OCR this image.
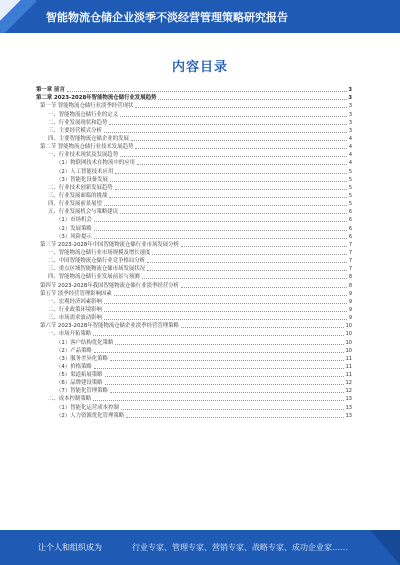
智能物流仓储企业淡季不淡经营管理策略研究报告
内容目录
第一章 前言	3
第二章 2023-2028年智能物流仓储行业发展趋势	3
第一节 智能物流仓储行业淡季经营现状	3
一、智能物流仓储行业的定义	3
二、行业发展现状和趋势	3
三、主要经营模式分析	3
四、主要智能物流仓储企业的发展	4
第二节 智能物流仓储行业技术发展趋势	4
一、行业技术现状及发展趋势	4
（1）物联网技术在物流中的应用	4
（2）人工智能技术应用	5
（3）智能化设备发展	5
二、行业技术创新发展趋势	5
三、行业发展面临的挑战	5
四、行业发展前景展望	5
五、行业发展机会与策略建议	6
（1）市场机会	6
（2）发展策略	6
（3）风险提示	6
第三节 2023-2028年中国智能物流仓储行业市场发展分析	7
一、智能物流仓储行业市场规模及增长速度	7
二、中国智能物流仓储行业竞争格局分析	7
三、重点区域智能物流仓储市场发展状况	7
四、智能物流仓储行业发展前景与预测	8
第四节 2023-2028年我国智能物流仓储行业淡季经营分析	8
第五节 淡季经营管理影响因素	9
一、宏观经济因素影响	9
二、行业政策环境影响	9
三、市场需求波动影响	9
第六节 2023-2028年智能物流仓储企业淡季经营管理策略	10
一、市场开拓策略	10
（1）客户结构优化策略	10
（2）产品策略	10
（3）服务差异化策略	11
（4）价格策略	11
（5）渠道拓展策略	11
（6）品牌建设策略	12
（7）智能化管理策略	12
二、成本控制策略	13
（1）智能化运营成本控制	13
（2）人力资源优化管理策略	13
让个人和组织成为	行业专家、管理专家、营销专家、战略专家、成功企业家……
